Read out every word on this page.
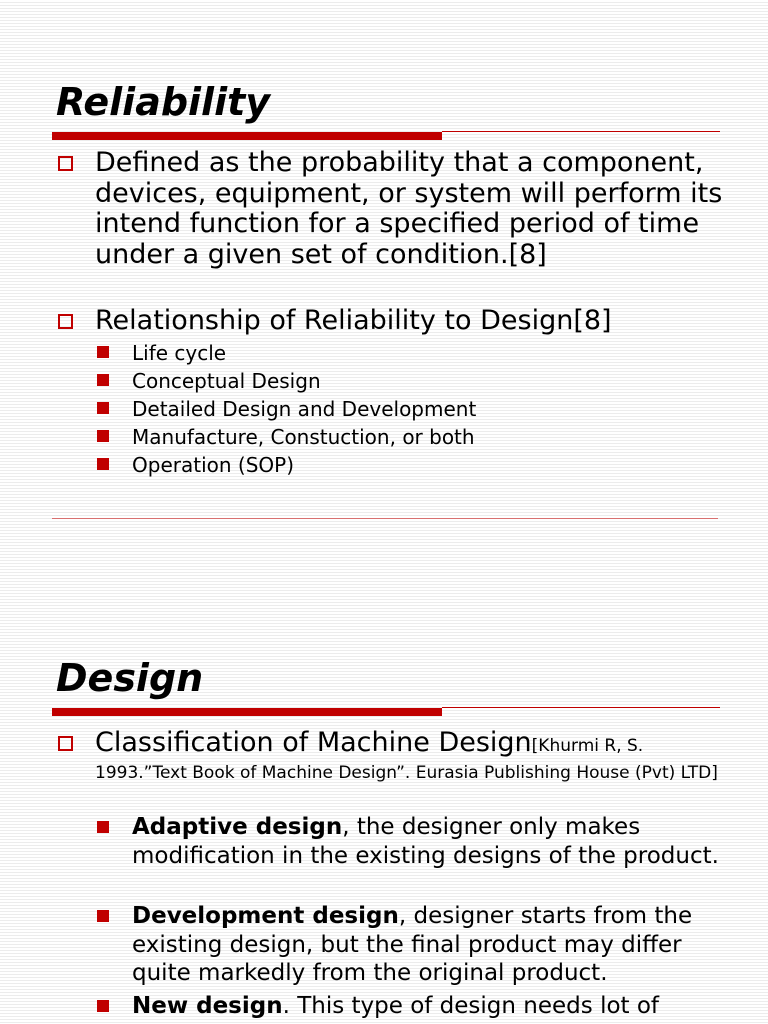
Reliability
Defined as the probability that a component, devices, equipment, or system will perform its intend function for a specified period of time under a given set of condition.[8]
Relationship of Reliability to Design[8]
Life cycle
Conceptual Design
Detailed Design and Development
Manufacture, Constuction, or both
Operation (SOP)
Design
Classification of Machine Design[Khurmi R, S. 1993.”Text Book of Machine Design”. Eurasia Publishing House (Pvt) LTD]
Adaptive design, the designer only makes modification in the existing designs of the product.
Development design, designer starts from the existing design, but the final product may differ quite markedly from the original product.
New design. This type of design needs lot of
